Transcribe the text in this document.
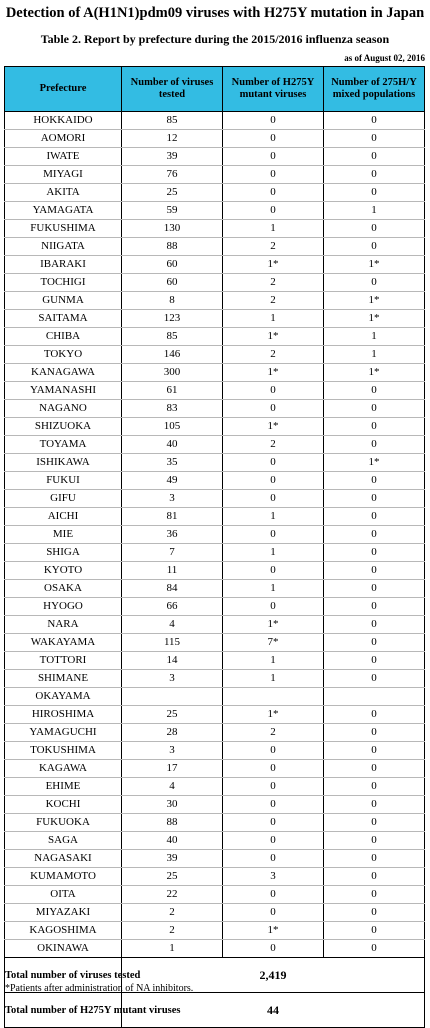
Detection of A(H1N1)pdm09 viruses with H275Y mutation in Japan
Table 2. Report by prefecture during the 2015/2016 influenza season
as of August 02, 2016
Prefecture	Number of viruses tested	Number of H275Y mutant viruses	Number of 275H/Y mixed populations
HOKKAIDO	85	0	0
AOMORI	12	0	0
IWATE	39	0	0
MIYAGI	76	0	0
AKITA	25	0	0
YAMAGATA	59	0	1
FUKUSHIMA	130	1	0
NIIGATA	88	2	0
IBARAKI	60	1*	1*
TOCHIGI	60	2	0
GUNMA	8	2	1*
SAITAMA	123	1	1*
CHIBA	85	1*	1
TOKYO	146	2	1
KANAGAWA	300	1*	1*
YAMANASHI	61	0	0
NAGANO	83	0	0
SHIZUOKA	105	1*	0
TOYAMA	40	2	0
ISHIKAWA	35	0	1*
FUKUI	49	0	0
GIFU	3	0	0
AICHI	81	1	0
MIE	36	0	0
SHIGA	7	1	0
KYOTO	11	0	0
OSAKA	84	1	0
HYOGO	66	0	0
NARA	4	1*	0
WAKAYAMA	115	7*	0
TOTTORI	14	1	0
SHIMANE	3	1	0
OKAYAMA			
HIROSHIMA	25	1*	0
YAMAGUCHI	28	2	0
TOKUSHIMA	3	0	0
KAGAWA	17	0	0
EHIME	4	0	0
KOCHI	30	0	0
FUKUOKA	88	0	0
SAGA	40	0	0
NAGASAKI	39	0	0
KUMAMOTO	25	3	0
OITA	22	0	0
MIYAZAKI	2	0	0
KAGOSHIMA	2	1*	0
OKINAWA	1	0	0
Total number of viruses tested	2,419		
Total number of H275Y mutant viruses	44		
*Patients after administration of NA inhibitors.
